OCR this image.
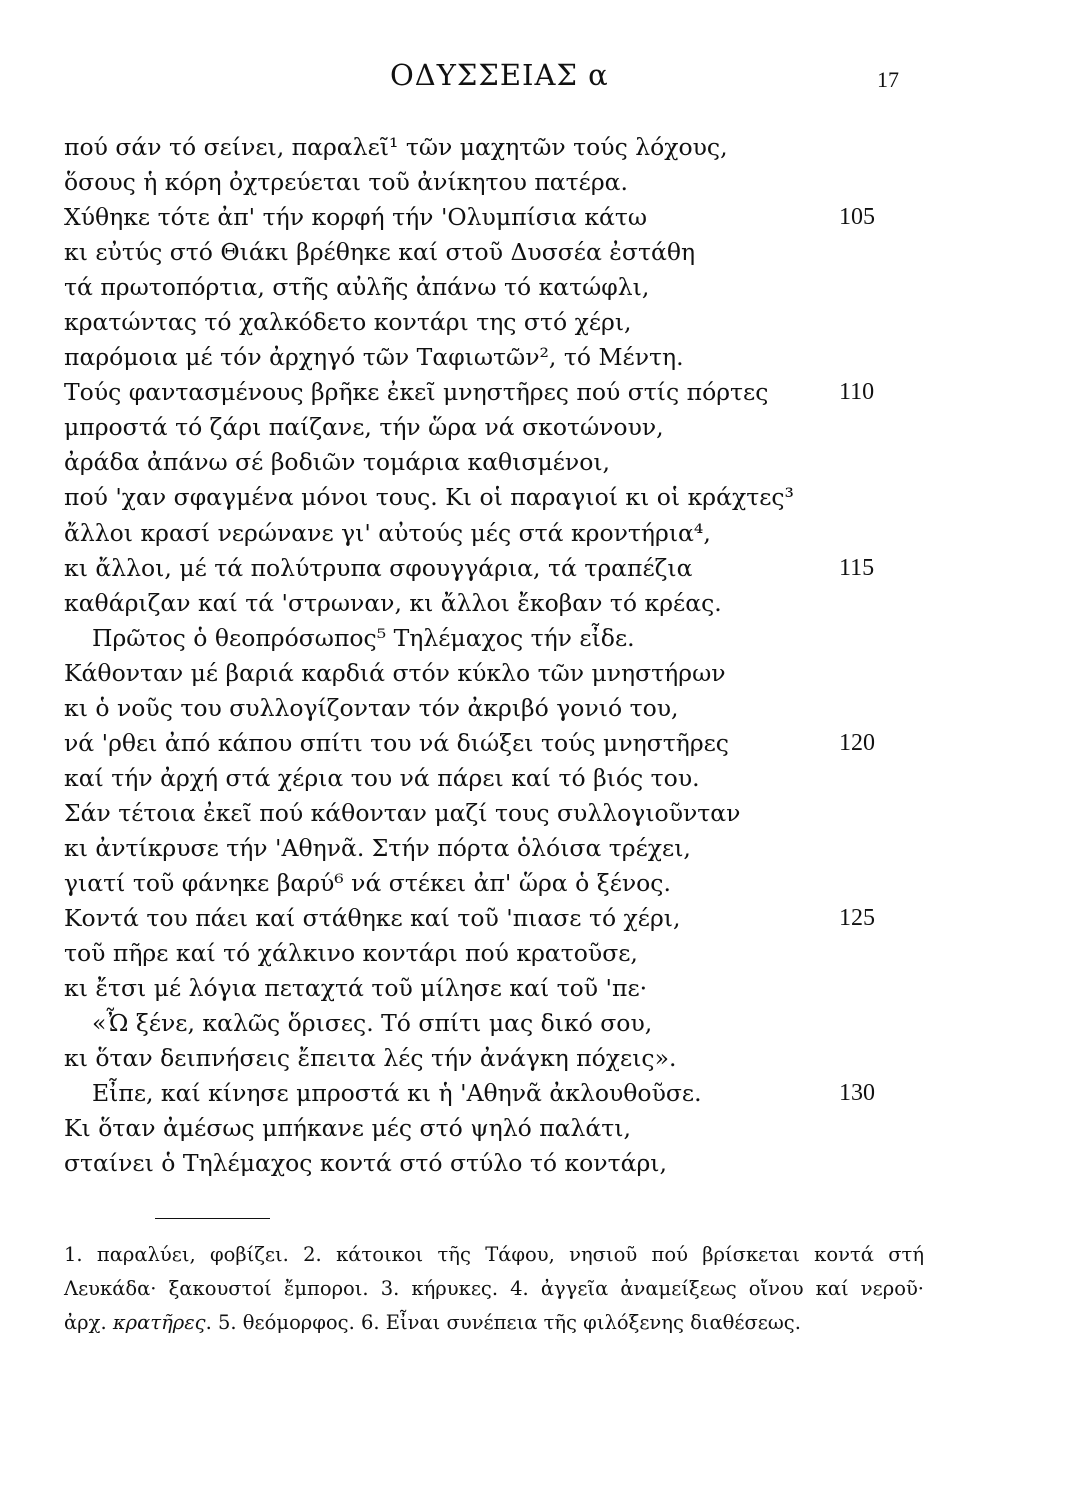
ΟΔΥΣΣΕΙΑΣ α	17
πού σάν τό σείνει, παραλεῖ¹ τῶν μαχητῶν τούς λόχους,
ὅσους ἡ κόρη ὀχτρεύεται τοῦ ἀνίκητου πατέρα.
Χύθηκε τότε ἀπ' τήν κορφή τήν 'Ολυμπίσια κάτω	105
κι εὐτύς στό Θιάκι βρέθηκε καί στοῦ Δυσσέα ἐστάθη
τά πρωτοπόρτια, στῆς αὐλῆς ἀπάνω τό κατώφλι,
κρατώντας τό χαλκόδετο κοντάρι της στό χέρι,
παρόμοια μέ τόν ἀρχηγό τῶν Ταφιωτῶν², τό Μέντη.
Τούς φαντασμένους βρῆκε ἐκεῖ μνηστῆρες πού στίς πόρτες	110
μπροστά τό ζάρι παίζανε, τήν ὥρα νά σκοτώνουν,
ἀράδα ἀπάνω σέ βοδιῶν τομάρια καθισμένοι,
πού 'χαν σφαγμένα μόνοι τους. Κι οἱ παραγιοί κι οἱ κράχτες³
ἄλλοι κρασί νερώνανε γι' αὐτούς μές στά κροντήρια⁴,
κι ἄλλοι, μέ τά πολύτρυπα σφουγγάρια, τά τραπέζια	115
καθάριζαν καί τά 'στρωναν, κι ἄλλοι ἔκοβαν τό κρέας.
Πρῶτος ὁ θεοπρόσωπος⁵ Τηλέμαχος τήν εἶδε.
Κάθονταν μέ βαριά καρδιά στόν κύκλο τῶν μνηστήρων
κι ὁ νοῦς του συλλογίζονταν τόν ἀκριβό γονιό του,
νά 'ρθει ἀπό κάπου σπίτι του νά διώξει τούς μνηστῆρες	120
καί τήν ἀρχή στά χέρια του νά πάρει καί τό βιός του.
Σάν τέτοια ἐκεῖ πού κάθονταν μαζί τους συλλογιοῦνταν
κι ἀντίκρυσε τήν 'Αθηνᾶ. Στήν πόρτα ὁλόισα τρέχει,
γιατί τοῦ φάνηκε βαρύ⁶ νά στέκει ἀπ' ὥρα ὁ ξένος.
Κοντά του πάει καί στάθηκε καί τοῦ 'πιασε τό χέρι,	125
τοῦ πῆρε καί τό χάλκινο κοντάρι πού κρατοῦσε,
κι ἔτσι μέ λόγια πεταχτά τοῦ μίλησε καί τοῦ 'πε·
«Ὦ ξένε, καλῶς ὅρισες. Τό σπίτι μας δικό σου,
κι ὅταν δειπνήσεις ἔπειτα λές τήν ἀνάγκη πόχεις».
Εἶπε, καί κίνησε μπροστά κι ἡ 'Αθηνᾶ ἀκλουθοῦσε.	130
Κι ὅταν ἀμέσως μπήκανε μές στό ψηλό παλάτι,
σταίνει ὁ Τηλέμαχος κοντά στό στύλο τό κοντάρι,
1. παραλύει, φοβίζει. 2. κάτοικοι τῆς Τάφου, νησιοῦ πού βρίσκεται κοντά στή
Λευκάδα· ξακουστοί ἔμποροι. 3. κήρυκες. 4. ἀγγεῖα ἀναμείξεως οἴνου καί νεροῦ·
ἀρχ. κρατῆρες. 5. θεόμορφος. 6. Εἶναι συνέπεια τῆς φιλόξενης διαθέσεως.
